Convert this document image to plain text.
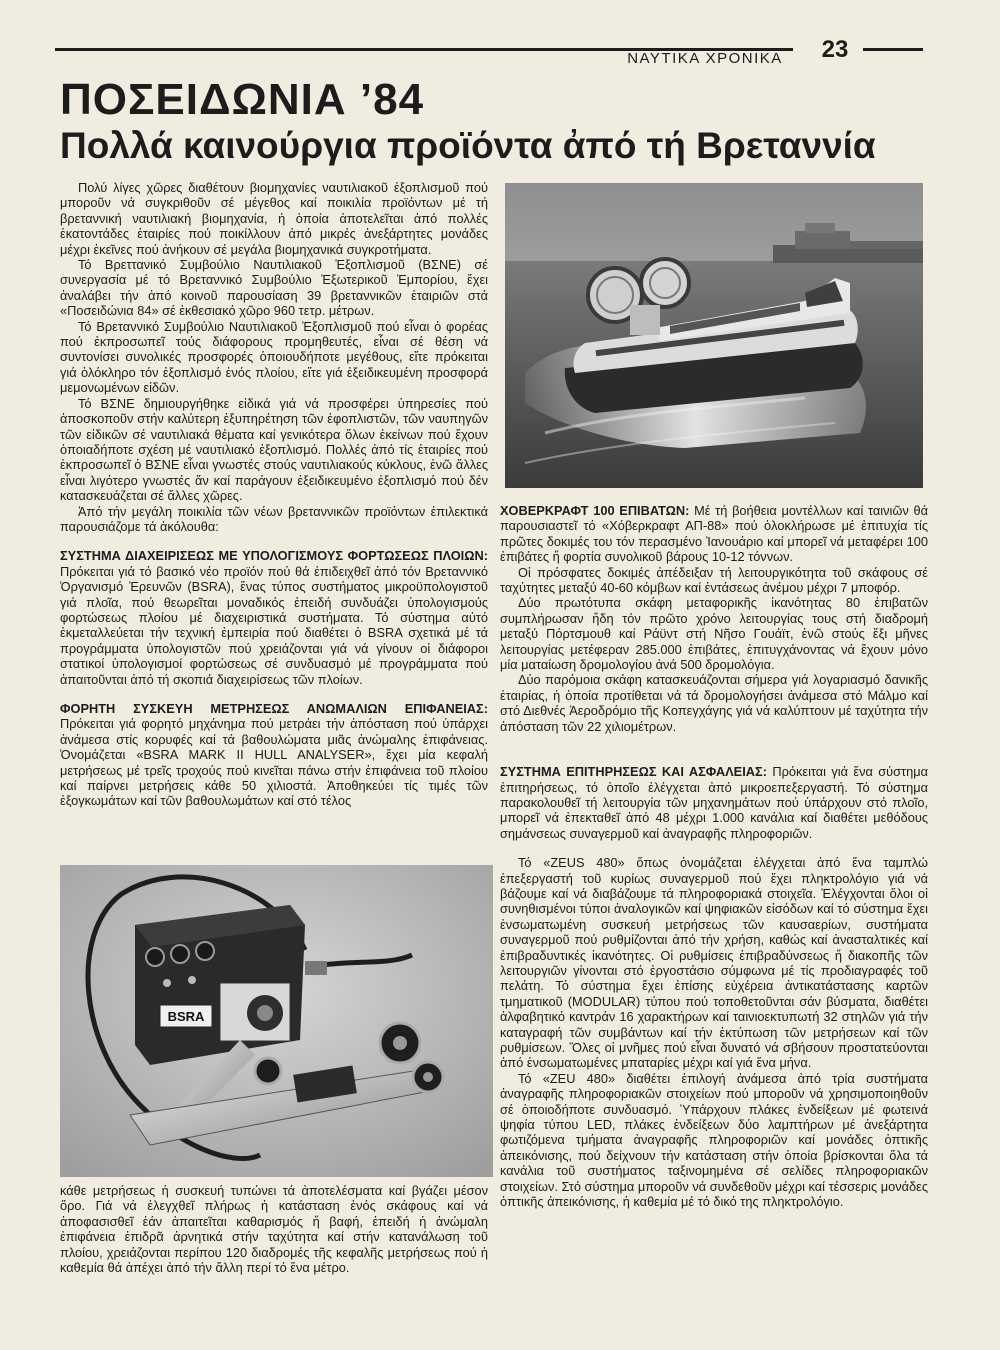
ΝΑΥΤΙΚΑ ΧΡΟΝΙΚΑ	23
ΠΟΣΕΙΔΩΝΙΑ ’84
Πολλά καινούργια προϊόντα ἀπό τή Βρεταννία

Πολύ λίγες χῶρες διαθέτουν βιομηχανίες ναυτιλιακοῦ ἐξοπλισμοῦ πού μποροῦν νά συγκριθοῦν σέ μέγεθος καί ποικιλία προϊόντων μέ τή βρεταννική ναυτιλιακή βιομηχανία, ἡ ὁποία ἀποτελεῖται ἀπό πολλές ἑκατοντάδες ἑταιρίες πού ποικίλλουν ἀπό μικρές ἀνεξάρτητες μονάδες μέχρι ἐκεῖνες πού ἀνήκουν σέ μεγάλα βιομηχανικά συγκροτήματα.

Τό Βρεττανικό Συμβούλιο Ναυτιλιακοῦ Ἐξοπλισμοῦ (ΒΣΝΕ) σέ συνεργασία μέ τό Βρεταννικό Συμβούλιο Ἐξωτερικοῦ Ἐμπορίου, ἔχει ἀναλάβει τήν ἀπό κοινοῦ παρουσίαση 39 βρεταννικῶν ἑταιριῶν στά «Ποσειδώνια 84» σέ ἐκθεσιακό χῶρο 960 τετρ. μέτρων.

Τό Βρεταννικό Συμβούλιο Ναυτιλιακοῦ Ἐξοπλισμοῦ πού εἶναι ὁ φορέας πού ἐκπροσωπεῖ τούς διάφορους προμηθευτές, εἶναι σέ θέση νά συντονίσει συνολικές προσφορές ὁποιουδήποτε μεγέθους, εἴτε πρόκειται γιά ὁλόκληρο τόν ἐξοπλισμό ἑνός πλοίου, εἴτε γιά ἐξειδικευμένη προσφορά μεμονωμένων εἰδῶν.

Τό ΒΣΝΕ δημιουργήθηκε εἰδικά γιά νά προσφέρει ὑπηρεσίες πού ἀποσκοποῦν στήν καλύτερη ἐξυπηρέτηση τῶν ἐφοπλιστῶν, τῶν ναυπηγῶν τῶν εἰδικῶν σέ ναυτιλιακά θέματα καί γενικότερα ὅλων ἐκείνων πού ἔχουν ὁποιαδήποτε σχέση μέ ναυτιλιακό ἐξοπλισμό. Πολλές ἀπό τίς ἑταιρίες πού ἐκπροσωπεῖ ὁ ΒΣΝΕ εἶναι γνωστές στούς ναυτιλιακούς κύκλους, ἐνῶ ἄλλες εἶναι λιγότερο γνωστές ἄν καί παράγουν ἐξειδικευμένο ἐξοπλισμό πού δέν κατασκευάζεται σέ ἄλλες χῶρες.

Ἀπό τήν μεγάλη ποικιλία τῶν νέων βρεταννικῶν προϊόντων ἐπιλεκτικά παρουσιάζομε τά ἀκόλουθα:

ΣΥΣΤΗΜΑ ΔΙΑΧΕΙΡΙΣΕΩΣ ΜΕ ΥΠΟΛΟΓΙΣΜΟΥΣ ΦΟΡΤΩΣΕΩΣ ΠΛΟΙΩΝ: Πρόκειται γιά τό βασικό νέο προϊόν πού θά ἐπιδειχθεῖ ἀπό τόν Βρεταννικό Ὀργανισμό Ἐρευνῶν (BSRA), ἕνας τύπος συστήματος μικροϋπολογιστοῦ γιά πλοῖα, πού θεωρεῖται μοναδικός ἐπειδή συνδυάζει ὑπολογισμούς φορτώσεως πλοίου μέ διαχειριστικά συστήματα. Τό σύστημα αὐτό ἐκμεταλλεύεται τήν τεχνική ἐμπειρία πού διαθέτει ὁ BSRA σχετικά μέ τά προγράμματα ὑπολογιστῶν πού χρειάζονται γιά νά γίνουν οἱ διάφοροι στατικοί ὑπολογισμοί φορτώσεως σέ συνδυασμό μέ προγράμματα πού ἀπαιτοῦνται ἀπό τή σκοπιά διαχειρίσεως τῶν πλοίων.

ΦΟΡΗΤΗ ΣΥΣΚΕΥΗ ΜΕΤΡΗΣΕΩΣ ΑΝΩΜΑΛΙΩΝ ΕΠΙΦΑΝΕΙΑΣ: Πρόκειται γιά φορητό μηχάνημα πού μετράει τήν ἀπόσταση πού ὑπάρχει ἀνάμεσα στίς κορυφές καί τά βαθουλώματα μιᾶς ἀνώμαλης ἐπιφάνειας. Ὀνομάζεται «BSRA MARK II HULL ANALYSER», ἔχει μία κεφαλή μετρήσεως μέ τρεῖς τροχούς πού κινεῖται πάνω στήν ἐπιφάνεια τοῦ πλοίου καί παίρνει μετρήσεις κάθε 50 χιλιοστά. Ἀποθηκεύει τίς τιμές τῶν ἐξογκωμάτων καί τῶν βαθουλωμάτων καί στό τέλος

ΧΟΒΕΡΚΡΑΦΤ 100 ΕΠΙΒΑΤΩΝ: Μέ τή βοήθεια μοντέλλων καί ταινιῶν θά παρουσιαστεῖ τό «Χόβερκραφτ ΑΠ-88» πού ὁλοκλήρωσε μέ ἐπιτυχία τίς πρῶτες δοκιμές του τόν περασμένο Ἰανουάριο καί μπορεῖ νά μεταφέρει 100 ἐπιβάτες ἤ φορτία συνολικοῦ βάρους 10-12 τόννων.

Οἱ πρόσφατες δοκιμές ἀπέδειξαν τή λειτουργικότητα τοῦ σκάφους σέ ταχύτητες μεταξύ 40-60 κόμβων καί ἐντάσεως ἀνέμου μέχρι 7 μποφόρ.

Δύο πρωτότυπα σκάφη μεταφορικῆς ἱκανότητας 80 ἐπιβατῶν συμπλήρωσαν ἤδη τόν πρῶτο χρόνο λειτουργίας τους στή διαδρομή μεταξύ Πόρτσμουθ καί Ράϋντ στή Νῆσο Γουάϊτ, ἐνῶ στούς ἕξι μῆνες λειτουργίας μετέφεραν 285.000 ἐπιβάτες, ἐπιτυγχάνοντας νά ἔχουν μόνο μία ματαίωση δρομολογίου ἀνά 500 δρομολόγια.

Δύο παρόμοια σκάφη κατασκευάζονται σήμερα γιά λογαριασμό δανικῆς ἑταιρίας, ἡ ὁποία προτίθεται νά τά δρομολογήσει ἀνάμεσα στό Μάλμο καί στό Διεθνές Ἀεροδρόμιο τῆς Κοπεγχάγης γιά νά καλύπτουν μέ ταχύτητα τήν ἀπόσταση τῶν 22 χιλιομέτρων.

ΣΥΣΤΗΜΑ ΕΠΙΤΗΡΗΣΕΩΣ ΚΑΙ ΑΣΦΑΛΕΙΑΣ: Πρόκειται γιά ἕνα σύστημα ἐπιτηρήσεως, τό ὁποῖο ἐλέγχεται ἀπό μικροεπεξεργαστή. Τό σύστημα παρακολουθεῖ τή λειτουργία τῶν μηχανημάτων πού ὑπάρχουν στό πλοῖο, μπορεῖ νά ἐπεκταθεῖ ἀπό 48 μέχρι 1.000 κανάλια καί διαθέτει μεθόδους σημάνσεως συναγερμοῦ καί ἀναγραφῆς πληροφοριῶν.

Τό «ZEUS 480» ὅπως ὀνομάζεται ἐλέγχεται ἀπό ἕνα ταμπλώ ἐπεξεργαστή τοῦ κυρίως συναγερμοῦ πού ἔχει πληκτρολόγιο γιά νά βάζουμε καί νά διαβάζουμε τά πληροφοριακά στοιχεῖα. Ἐλέγχονται ὅλοι οἱ συνηθισμένοι τύποι ἀναλογικῶν καί ψηφιακῶν εἰσόδων καί τό σύστημα ἔχει ἐνσωματωμένη συσκευή μετρήσεως τῶν καυσαερίων, συστήματα συναγερμοῦ πού ρυθμίζονται ἀπό τήν χρήση, καθώς καί ἀνασταλτικές καί ἐπιβραδυντικές ἱκανότητες. Οἱ ρυθμίσεις ἐπιβραδύνσεως ἤ διακοπῆς τῶν λειτουργιῶν γίνονται στό ἐργοστάσιο σύμφωνα μέ τίς προδιαγραφές τοῦ πελάτη. Τό σύστημα ἔχει ἐπίσης εὐχέρεια ἀντικατάστασης καρτῶν τμηματικοῦ (MODULAR) τύπου πού τοποθετοῦνται σάν βύσματα, διαθέτει ἀλφαβητικό καντράν 16 χαρακτήρων καί ταινιοεκτυπωτή 32 στηλῶν γιά τήν καταγραφή τῶν συμβάντων καί τήν ἐκτύπωση τῶν μετρήσεων καί τῶν ρυθμίσεων. Ὅλες οἱ μνῆμες πού εἶναι δυνατό νά σβήσουν προστατεύονται ἀπό ἐνσωματωμένες μπαταρίες μέχρι καί γιά ἕνα μήνα.

Τό «ZEU 480» διαθέτει ἐπιλογή ἀνάμεσα ἀπό τρία συστήματα ἀναγραφῆς πληροφοριακῶν στοιχείων πού μποροῦν νά χρησιμοποιηθοῦν σέ ὁποιοδήποτε συνδυασμό. Ὑπάρχουν πλάκες ἐνδείξεων μέ φωτεινά ψηφία τύπου LED, πλάκες ἐνδείξεων δύο λαμπτήρων μέ ἀνεξάρτητα φωτιζόμενα τμήματα ἀναγραφῆς πληροφοριῶν καί μονάδες ὀπτικῆς ἀπεικόνισης, πού δείχνουν τήν κατάσταση στήν ὁποία βρίσκονται ὅλα τά κανάλια τοῦ συστήματος ταξινομημένα σέ σελίδες πληροφοριακῶν στοιχείων. Στό σύστημα μποροῦν νά συνδεθοῦν μέχρι καί τέσσερις μονάδες ὀπτικῆς ἀπεικόνισης, ἡ καθεμία μέ τό δικό της πληκτρολόγιο.

BSRA

κάθε μετρήσεως ἡ συσκευή τυπώνει τά ἀποτελέσματα καί βγάζει μέσον ὅρο. Γιά νά ἐλεγχθεῖ πλήρως ἡ κατάσταση ἑνός σκάφους καί νά ἀποφασισθεῖ ἐάν ἀπαιτεῖται καθαρισμός ἤ βαφή, ἐπειδή ἡ ἀνώμαλη ἐπιφάνεια ἐπιδρᾶ ἀρνητικά στήν ταχύτητα καί στήν κατανάλωση τοῦ πλοίου, χρειάζονται περίπου 120 διαδρομές τῆς κεφαλῆς μετρήσεως πού ἡ καθεμία θά ἀπέχει ἀπό τήν ἄλλη περί τό ἕνα μέτρο.
